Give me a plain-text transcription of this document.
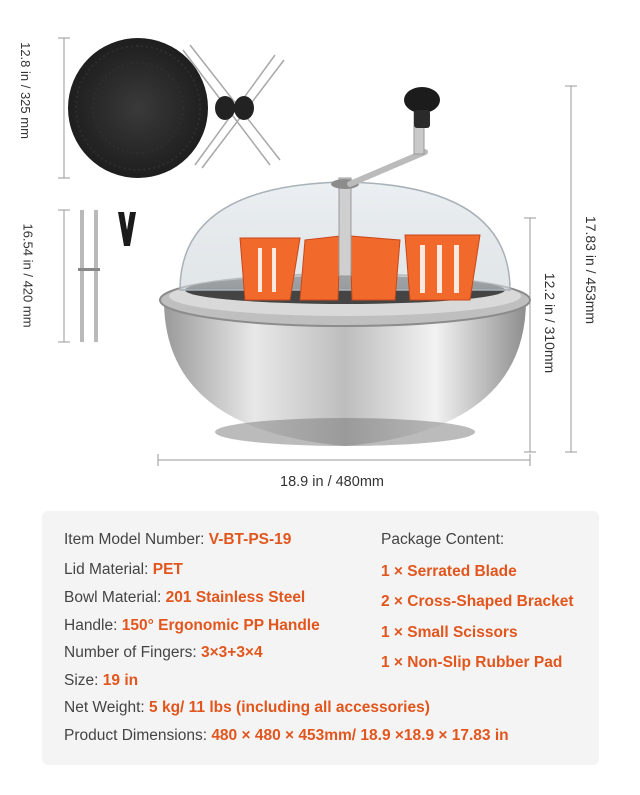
12.8 in / 325 mm
16.54 in / 420 mm	17.83 in / 453mm
12.2 in / 310mm
18.9 in / 480mm
Item Model Number: V-BT-PS-19
Lid Material: PET
Bowl Material: 201 Stainless Steel
Handle: 150° Ergonomic PP Handle
Number of Fingers: 3×3+3×4
Size: 19 in
Net Weight: 5 kg/ 11 lbs (including all accessories)
Product Dimensions: 480 × 480 × 453mm/ 18.9 ×18.9 × 17.83 in
Package Content:
1 × Serrated Blade
2 × Cross-Shaped Bracket
1 × Small Scissors
1 × Non-Slip Rubber Pad
